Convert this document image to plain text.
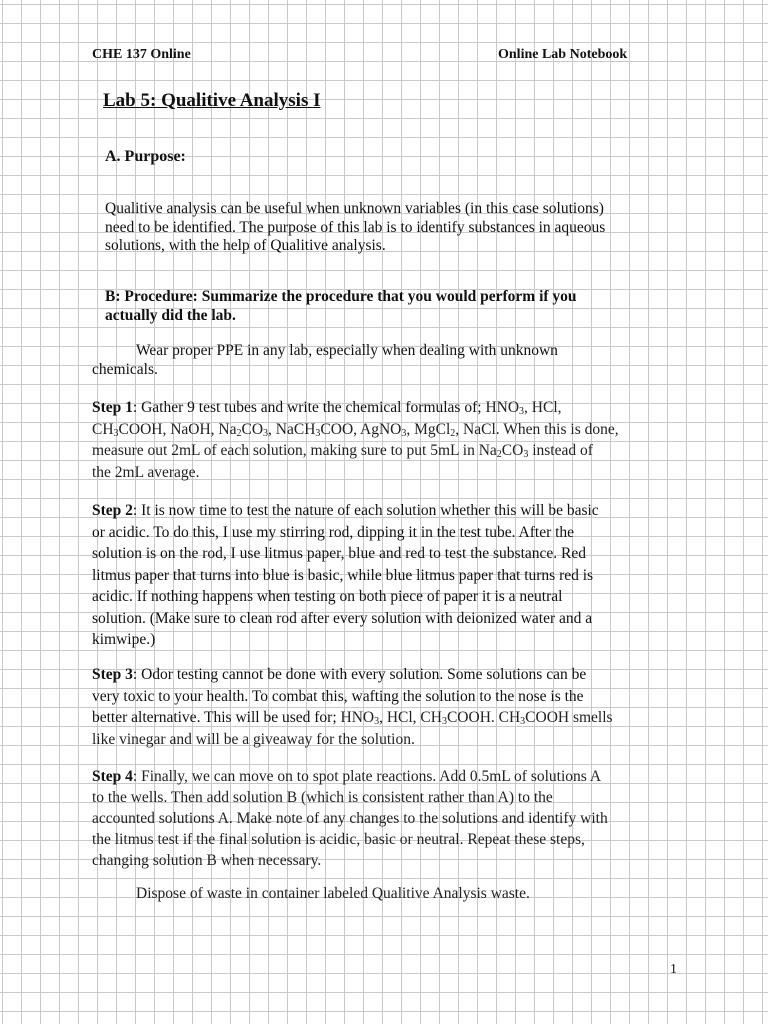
CHE 137 Online	Online Lab Notebook
Lab 5: Qualitive Analysis I
A. Purpose:
Qualitive analysis can be useful when unknown variables (in this case solutions)
need to be identified. The purpose of this lab is to identify substances in aqueous
solutions, with the help of Qualitive analysis.
B: Procedure: Summarize the procedure that you would perform if you
actually did the lab.
Wear proper PPE in any lab, especially when dealing with unknown
chemicals.
Step 1: Gather 9 test tubes and write the chemical formulas of; $HNO_3$, HCl,
$CH_3COOH$, NaOH, $Na_2CO_3$, NaCH$_3$COO, AgNO$_3$, MgCl$_2$, NaCl. When this is done,
measure out 2mL of each solution, making sure to put 5mL in $Na_2CO_3$ instead of
the 2mL average.
Step 2: It is now time to test the nature of each solution whether this will be basic
or acidic. To do this, I use my stirring rod, dipping it in the test tube. After the
solution is on the rod, I use litmus paper, blue and red to test the substance. Red
litmus paper that turns into blue is basic, while blue litmus paper that turns red is
acidic. If nothing happens when testing on both piece of paper it is a neutral
solution. (Make sure to clean rod after every solution with deionized water and a
kimwipe.)
Step 3: Odor testing cannot be done with every solution. Some solutions can be
very toxic to your health. To combat this, wafting the solution to the nose is the
better alternative. This will be used for; $HNO_3$, HCl, $CH_3COOH$. $CH_3COOH$ smells
like vinegar and will be a giveaway for the solution.
Step 4: Finally, we can move on to spot plate reactions. Add 0.5mL of solutions A
to the wells. Then add solution B (which is consistent rather than A) to the
accounted solutions A. Make note of any changes to the solutions and identify with
the litmus test if the final solution is acidic, basic or neutral. Repeat these steps,
changing solution B when necessary.
Dispose of waste in container labeled Qualitive Analysis waste.
1
